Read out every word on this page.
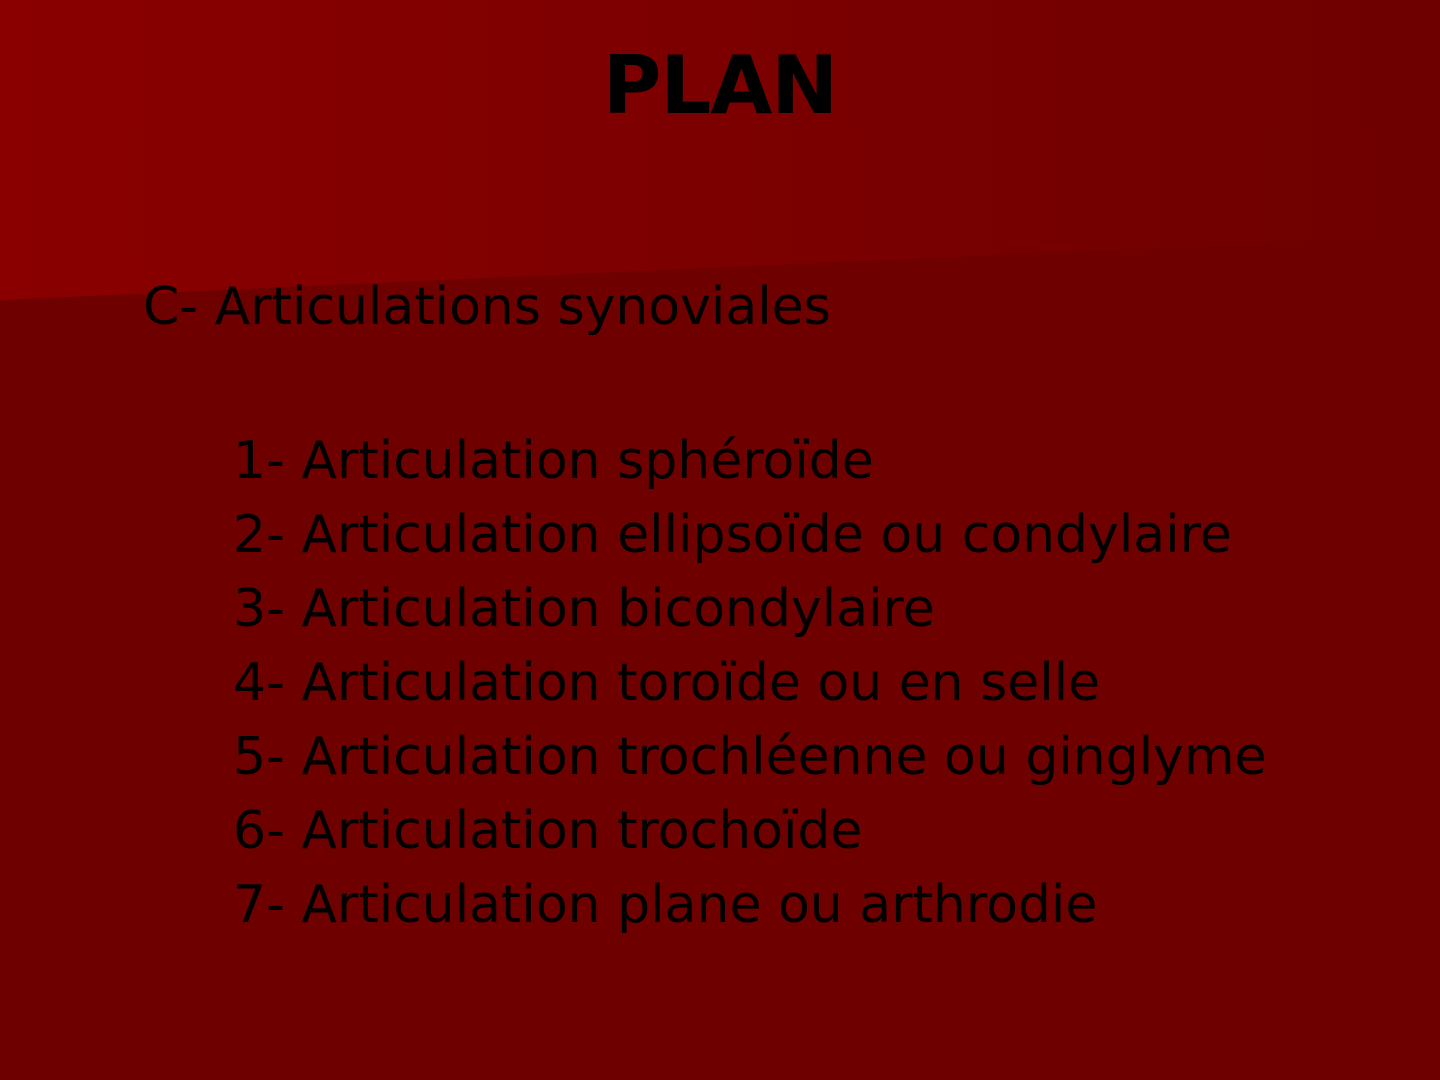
PLAN
C- Articulations synoviales
1- Articulation sphéroïde
2- Articulation ellipsoïde ou condylaire
3- Articulation bicondylaire
4- Articulation toroïde ou en selle
5- Articulation trochléenne ou ginglyme
6- Articulation trochoïde
7- Articulation plane ou arthrodie
